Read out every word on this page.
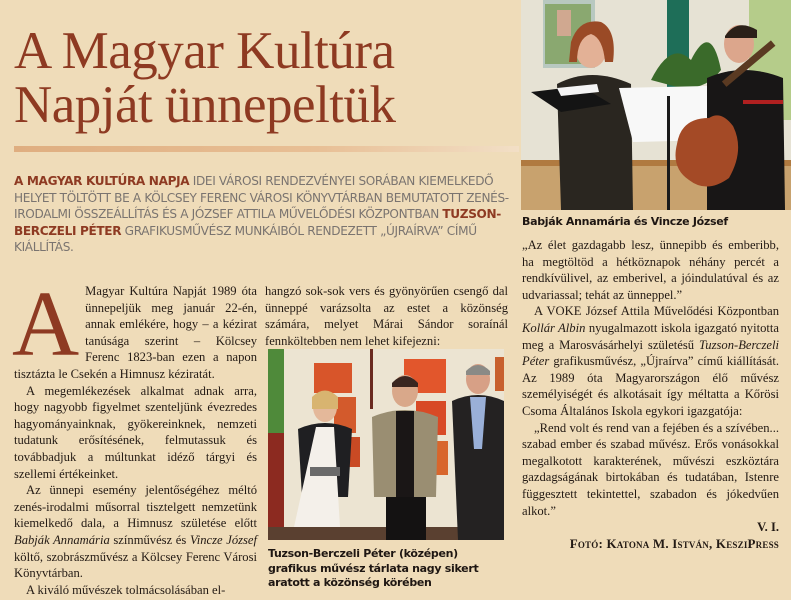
A Magyar Kultúra
Napját ünnepeltük

A MAGYAR KULTÚRA NAPJA IDEI VÁROSI RENDEZVÉNYEI SORÁBAN KIEMELKEDŐ HELYET TÖLTÖTT BE A KÖLCSEY FERENC VÁROSI KÖNYVTÁRBAN BEMUTATOTT ZENÉS-IRODALMI ÖSSZEÁLLÍTÁS ÉS A JÓZSEF ATTILA MŰVELŐDÉSI KÖZPONTBAN TUZSON-BERCZELI PÉTER GRAFIKUSMŰVÉSZ MUNKÁIBÓL RENDEZETT „ÚJRAÍRVA” CÍMŰ KIÁLLÍTÁS.

A Magyar Kultúra Napját 1989 óta ünnepeljük meg január 22-én, annak emlékére, hogy – a kézirat tanúsága szerint – Kölcsey Ferenc 1823-ban ezen a napon tisztázta le Csekén a Himnusz kéziratát.

A megemlékezések alkalmat adnak arra, hogy nagyobb figyelmet szenteljünk évezredes hagyományainknak, gyökereinknek, nemzeti tudatunk erősítésének, felmutassuk és továbbadjuk a múltunkat idéző tárgyi és szellemi értékeinket.

Az ünnepi esemény jelentőségéhez méltó zenés-irodalmi műsorral tisztelgett nemzetünk kiemelkedő dala, a Himnusz születése előtt Babják Annamária színművész és Vincze József költő, szobrászművész a Kölcsey Ferenc Városi Könyvtárban.

A kiváló művészek tolmácsolásában el-

hangzó sok-sok vers és gyönyörűen csengő dal ünneppé varázsolta az estet a közönség számára, melyet Márai Sándor soraínál fennköltebben nem lehet kifejezni:

Tuzson-Berczeli Péter (középen) grafikus művész tárlata nagy sikert aratott a közönség körében
Babják Annamária és Vincze József

„Az élet gazdagabb lesz, ünnepibb és emberibb, ha megtöltöd a hétköznapok néhány percét a rendkívülivel, az emberivel, a jóindulatúval és az udvariassal; tehát az ünneppel.”

A VOKE József Attila Művelődési Központban Kollár Albin nyugalmazott iskola igazgató nyitotta meg a Marosvásárhelyi születésű Tuzson-Berczeli Péter grafikusművész, „Újraírva” című kiállítását. Az 1989 óta Magyarországon élő művész személyiségét és alkotásait így méltatta a Kőrösi Csoma Általános Iskola egykori igazgatója:

„Rend volt és rend van a fejében és a szívében... szabad ember és szabad művész. Erős vonásokkal megalkotott karakterének, művészi eszköztára gazdagságának birtokában és tudatában, Istenre függesztett tekintettel, szabadon és jókedvűen alkot.”

V. I.
Fotó: Katona M. István, KesziPress
